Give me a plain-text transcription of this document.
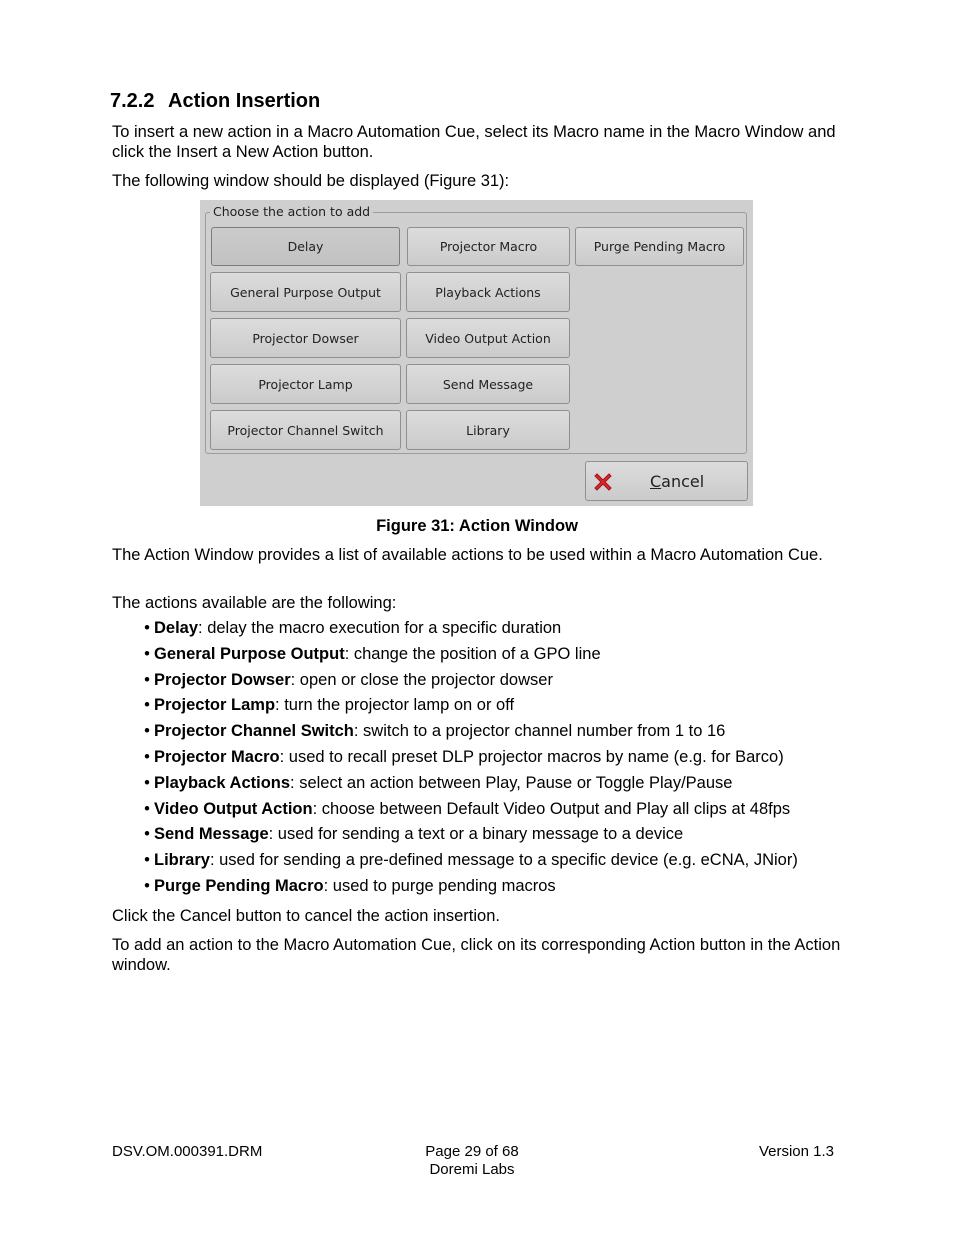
7.2.2 Action Insertion

To insert a new action in a Macro Automation Cue, select its Macro name in the Macro Window and click the Insert a New Action button.

The following window should be displayed (Figure 31):

Choose the action to add
Delay	Projector Macro	Purge Pending Macro
General Purpose Output	Playback Actions
Projector Dowser	Video Output Action
Projector Lamp	Send Message
Projector Channel Switch	Library
Cancel

Figure 31: Action Window

The Action Window provides a list of available actions to be used within a Macro Automation Cue.

The actions available are the following:

• Delay: delay the macro execution for a specific duration
• General Purpose Output: change the position of a GPO line
• Projector Dowser: open or close the projector dowser
• Projector Lamp: turn the projector lamp on or off
• Projector Channel Switch: switch to a projector channel number from 1 to 16
• Projector Macro: used to recall preset DLP projector macros by name (e.g. for Barco)
• Playback Actions: select an action between Play, Pause or Toggle Play/Pause
• Video Output Action: choose between Default Video Output and Play all clips at 48fps
• Send Message: used for sending a text or a binary message to a device
• Library: used for sending a pre-defined message to a specific device (e.g. eCNA, JNior)
• Purge Pending Macro: used to purge pending macros

Click the Cancel button to cancel the action insertion.

To add an action to the Macro Automation Cue, click on its corresponding Action button in the Action window.

DSV.OM.000391.DRM	Page 29 of 68
Doremi Labs

Version 1.3
